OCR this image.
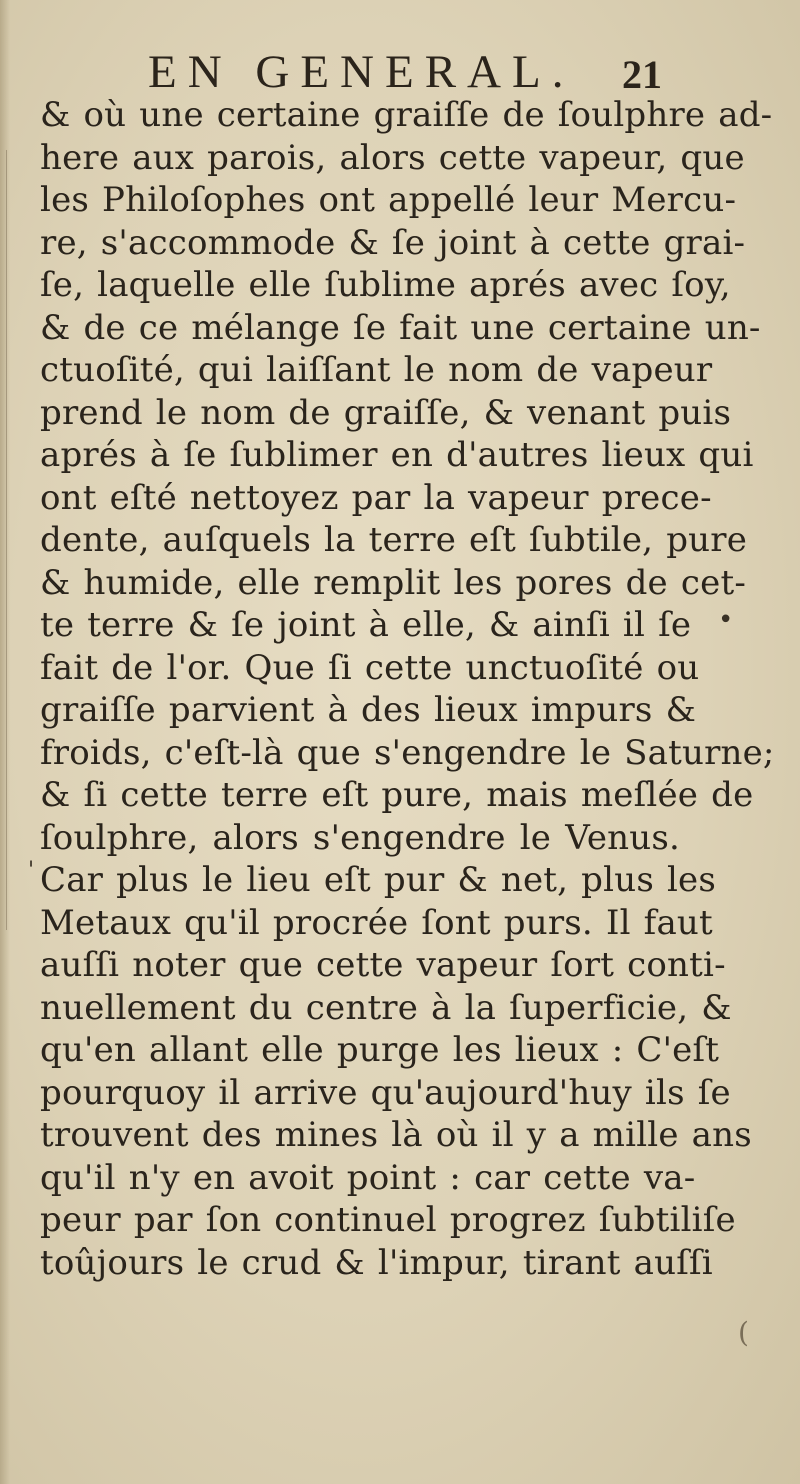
EN GENERAL. 21
& où une certaine graiſſe de ſoulphre ad-
here aux parois, alors cette vapeur, que
les Philoſophes ont appellé leur Mercu-
re, s'accommode & ſe joint à cette grai-
ſe, laquelle elle ſublime aprés avec ſoy,
& de ce mélange ſe fait une certaine un-
ctuoſité, qui laiſſant le nom de vapeur
prend le nom de graiſſe, & venant puis
aprés à ſe ſublimer en d'autres lieux qui
ont eſté nettoyez par la vapeur prece-
dente, auſquels la terre eſt ſubtile, pure
& humide, elle remplit les pores de cet-
te terre & ſe joint à elle, & ainſi il ſe
fait de l'or. Que ſi cette unctuoſité ou
graiſſe parvient à des lieux impurs &
froids, c'eſt-là que s'engendre le Saturne;
& ſi cette terre eſt pure, mais meſlée de
ſoulphre, alors s'engendre le Venus.
Car plus le lieu eſt pur & net, plus les
Metaux qu'il procrée ſont purs. Il faut
auſſi noter que cette vapeur ſort conti-
nuellement du centre à la ſuperficie, &
qu'en allant elle purge les lieux : C'eſt
pourquoy il arrive qu'aujourd'huy ils ſe
trouvent des mines là où il y a mille ans
qu'il n'y en avoit point : car cette va-
peur par ſon continuel progrez ſubtiliſe
toûjours le crud & l'impur, tirant auſſi
'
•
(
